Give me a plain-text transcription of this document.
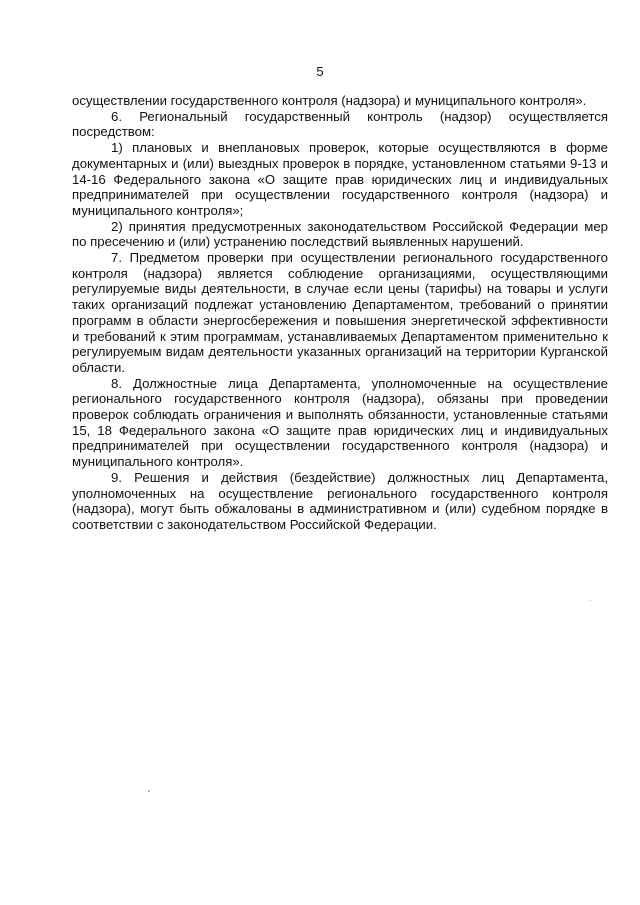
5

осуществлении государственного контроля (надзора) и муниципального контроля».

6. Региональный государственный контроль (надзор) осуществляется посредством:

1) плановых и внеплановых проверок, которые осуществляются в форме документарных и (или) выездных проверок в порядке, установленном статьями 9-13 и 14-16 Федерального закона «О защите прав юридических лиц и индивидуальных предпринимателей при осуществлении государственного контроля (надзора) и муниципального контроля»;

2) принятия предусмотренных законодательством Российской Федерации мер по пресечению и (или) устранению последствий выявленных нарушений.

7. Предметом проверки при осуществлении регионального государственного контроля (надзора) является соблюдение организациями, осуществляющими регулируемые виды деятельности, в случае если цены (тарифы) на товары и услуги таких организаций подлежат установлению Департаментом, требований о принятии программ в области энергосбережения и повышения энергетической эффективности и требований к этим программам, устанавливаемых Департаментом применительно к регулируемым видам деятельности указанных организаций на территории Курганской области.

8. Должностные лица Департамента, уполномоченные на осуществление регионального государственного контроля (надзора), обязаны при проведении проверок соблюдать ограничения и выполнять обязанности, установленные статьями 15, 18 Федерального закона «О защите прав юридических лиц и индивидуальных предпринимателей при осуществлении государственного контроля (надзора) и муниципального контроля».

9. Решения и действия (бездействие) должностных лиц Департамента, уполномоченных на осуществление регионального государственного контроля (надзора), могут быть обжалованы в административном и (или) судебном порядке в соответствии с законодательством Российской Федерации.
